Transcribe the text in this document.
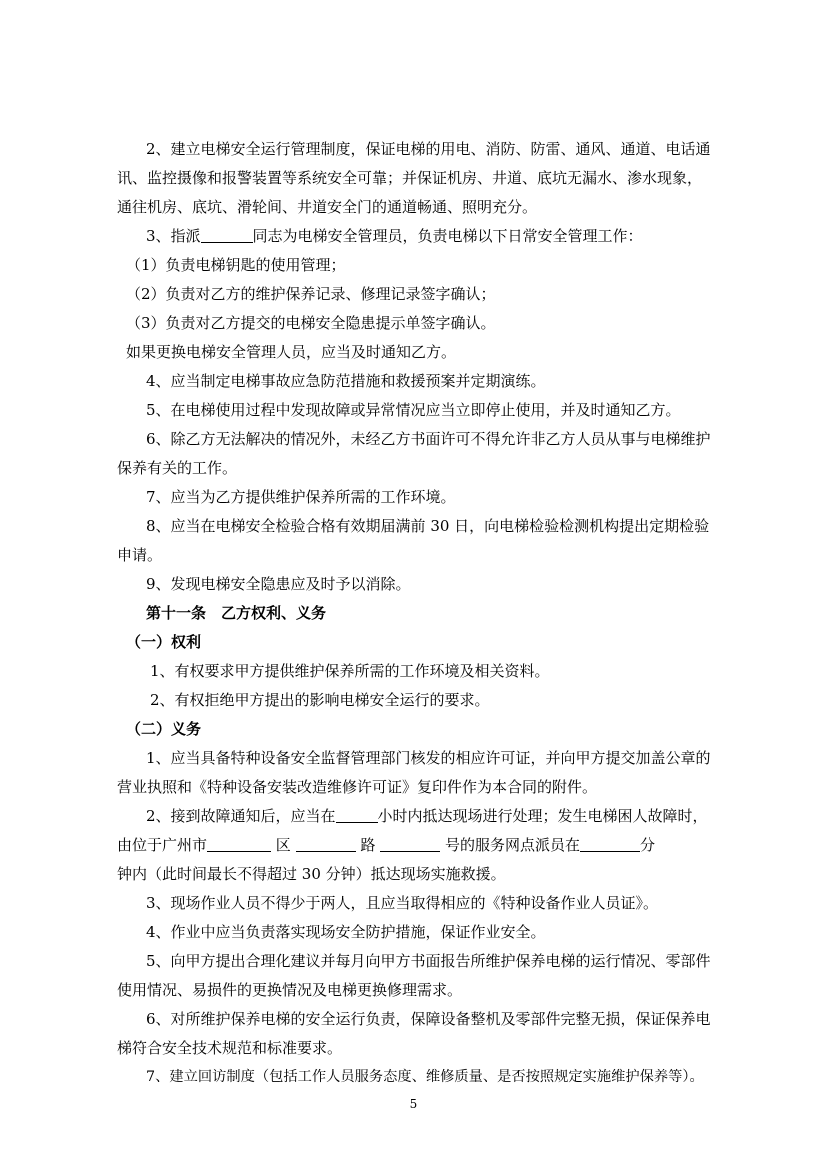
2、建立电梯安全运行管理制度，保证电梯的用电、消防、防雷、通风、通道、电话通
讯、监控摄像和报警装置等系统安全可靠；并保证机房、井道、底坑无漏水、渗水现象，
通往机房、底坑、滑轮间、井道安全门的通道畅通、照明充分。
3、指派	同志为电梯安全管理员，负责电梯以下日常安全管理工作：
（1）负责电梯钥匙的使用管理；
（2）负责对乙方的维护保养记录、修理记录签字确认；
（3）负责对乙方提交的电梯安全隐患提示单签字确认。
如果更换电梯安全管理人员，应当及时通知乙方。
4、应当制定电梯事故应急防范措施和救援预案并定期演练。
5、在电梯使用过程中发现故障或异常情况应当立即停止使用，并及时通知乙方。
6、除乙方无法解决的情况外，未经乙方书面许可不得允许非乙方人员从事与电梯维护
保养有关的工作。
7、应当为乙方提供维护保养所需的工作环境。
8、应当在电梯安全检验合格有效期届满前 30 日，向电梯检验检测机构提出定期检验
申请。
9、发现电梯安全隐患应及时予以消除。
第十一条　乙方权利、义务
（一）权利
1、有权要求甲方提供维护保养所需的工作环境及相关资料。
2、有权拒绝甲方提出的影响电梯安全运行的要求。
（二）义务
1、应当具备特种设备安全监督管理部门核发的相应许可证，并向甲方提交加盖公章的
营业执照和《特种设备安装改造维修许可证》复印件作为本合同的附件。
2、接到故障通知后，应当在	小时内抵达现场进行处理；发生电梯困人故障时，
由位于广州市	区	路	号的服务网点派员在	分
钟内（此时间最长不得超过 30 分钟）抵达现场实施救援。
3、现场作业人员不得少于两人，且应当取得相应的《特种设备作业人员证》。
4、作业中应当负责落实现场安全防护措施，保证作业安全。
5、向甲方提出合理化建议并每月向甲方书面报告所维护保养电梯的运行情况、零部件
使用情况、易损件的更换情况及电梯更换修理需求。
6、对所维护保养电梯的安全运行负责，保障设备整机及零部件完整无损，保证保养电
梯符合安全技术规范和标准要求。
7、建立回访制度（包括工作人员服务态度、维修质量、是否按照规定实施维护保养等）。
5
